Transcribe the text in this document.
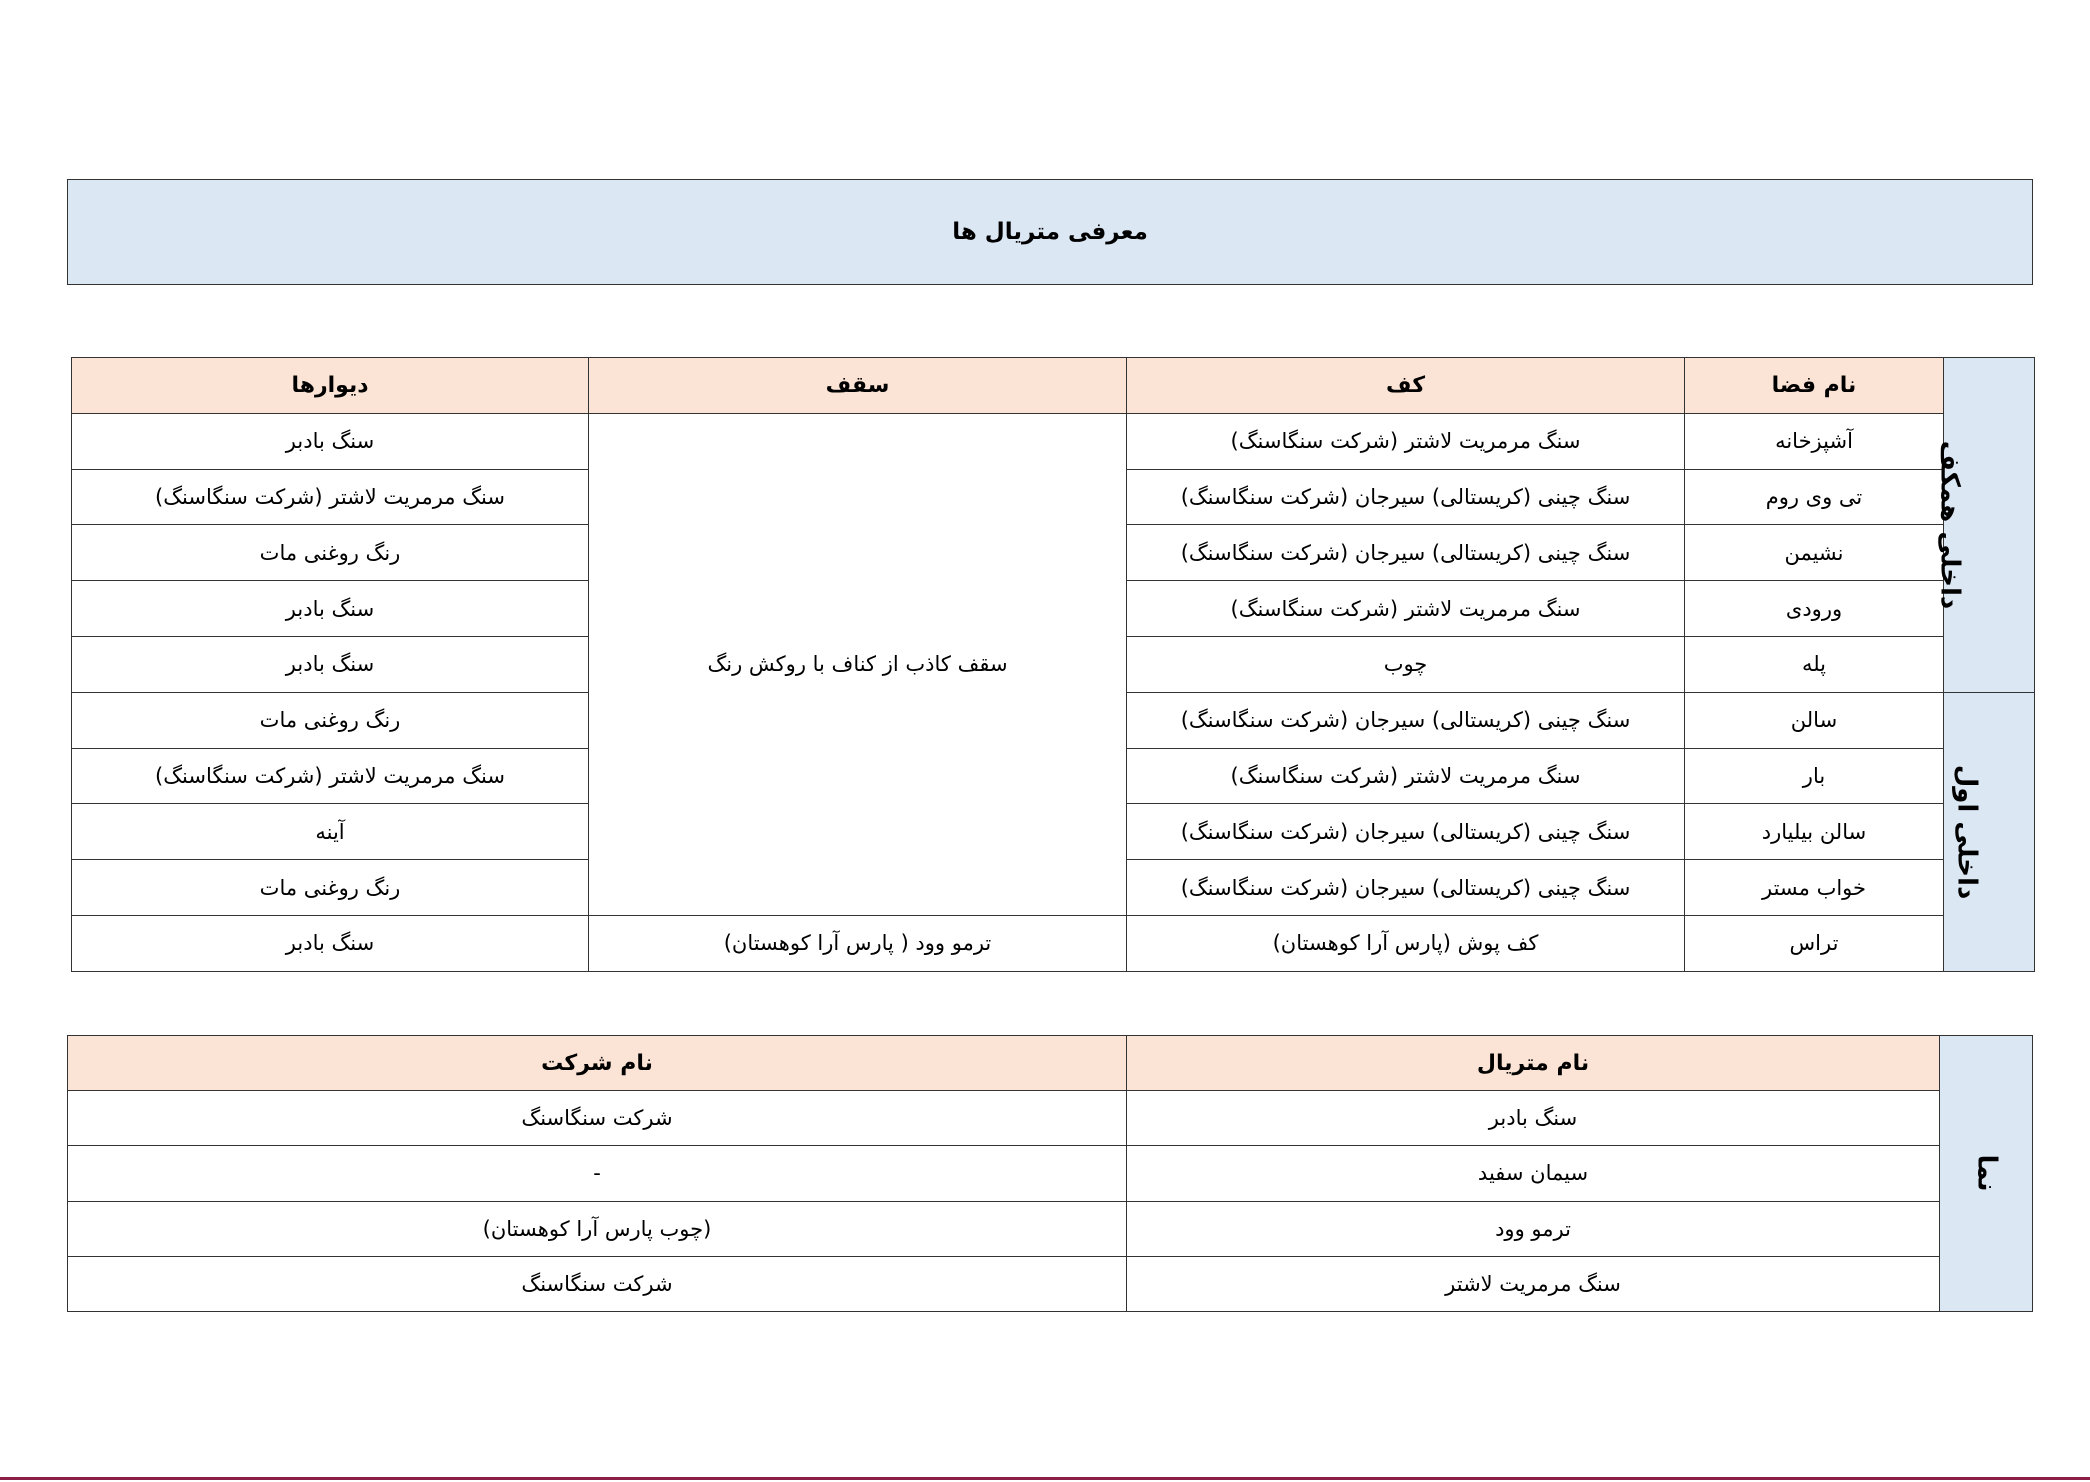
معرفی متریال ها
داخلی همکف	نام فضا	کف	سقف	دیوارها
	آشپزخانه	سنگ مرمریت لاشتر (شرکت سنگاسنگ)	سقف کاذب از کناف با روکش رنگ	سنگ بادبر
	تی وی روم	سنگ چینی (کریستالی) سیرجان (شرکت سنگاسنگ)		سنگ مرمریت لاشتر (شرکت سنگاسنگ)
	نشیمن	سنگ چینی (کریستالی) سیرجان (شرکت سنگاسنگ)		رنگ روغنی مات
	ورودی	سنگ مرمریت لاشتر (شرکت سنگاسنگ)		سنگ بادبر
	پله	چوب		سنگ بادبر
داخلی اول	سالن	سنگ چینی (کریستالی) سیرجان (شرکت سنگاسنگ)		رنگ روغنی مات
	بار	سنگ مرمریت لاشتر (شرکت سنگاسنگ)		سنگ مرمریت لاشتر (شرکت سنگاسنگ)
	سالن بیلیارد	سنگ چینی (کریستالی) سیرجان (شرکت سنگاسنگ)		آینه
	خواب مستر	سنگ چینی (کریستالی) سیرجان (شرکت سنگاسنگ)		رنگ روغنی مات
	تراس	کف پوش (پارس آرا کوهستان)	ترمو وود ( پارس آرا کوهستان)	سنگ بادبر
نما	نام متریال	نام شرکت
	سنگ بادبر	شرکت سنگاسنگ
	سیمان سفید	-
	ترمو وود	(چوب پارس آرا کوهستان)
	سنگ مرمریت لاشتر	شرکت سنگاسنگ
